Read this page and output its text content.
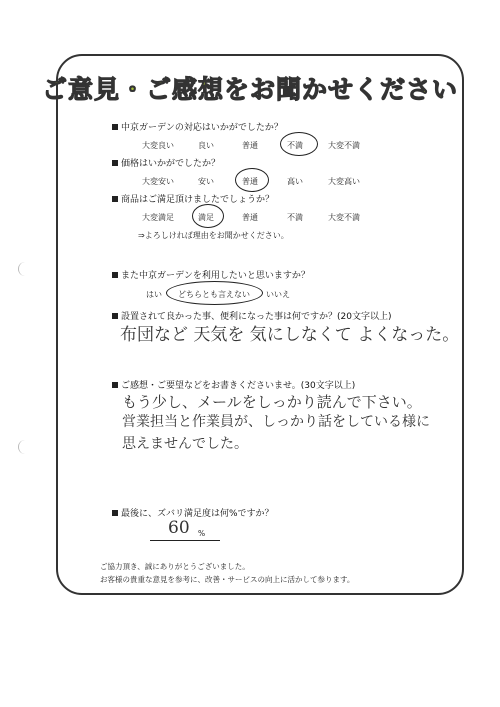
ご意見・ご感想をお聞かせください
中京ガーデンの対応はいかがでしたか？
大変良い	良い	普通	不満	大変不満
価格はいかがでしたか？
大変安い	安い	普通	高い	大変高い
商品はご満足頂けましたでしょうか？
大変満足	満足	普通	不満	大変不満
⇒よろしければ理由をお聞かせください。
また中京ガーデンを利用したいと思いますか？
はい どちらとも言えない いいえ
設置されて良かった事、便利になった事は何ですか？(20文字以上)
布団など 天気を 気にしなくて よくなった。
ご感想・ご要望などをお書きくださいませ。(30文字以上)
もう少し、メールをしっかり読んで下さい。
営業担当と作業員が、しっかり話をしている様に
思えませんでした。
最後に、ズバリ満足度は何%ですか？
60 %
ご協力頂き、誠にありがとうございました。
お客様の貴重な意見を参考に、改善・サービスの向上に活かして参ります。
